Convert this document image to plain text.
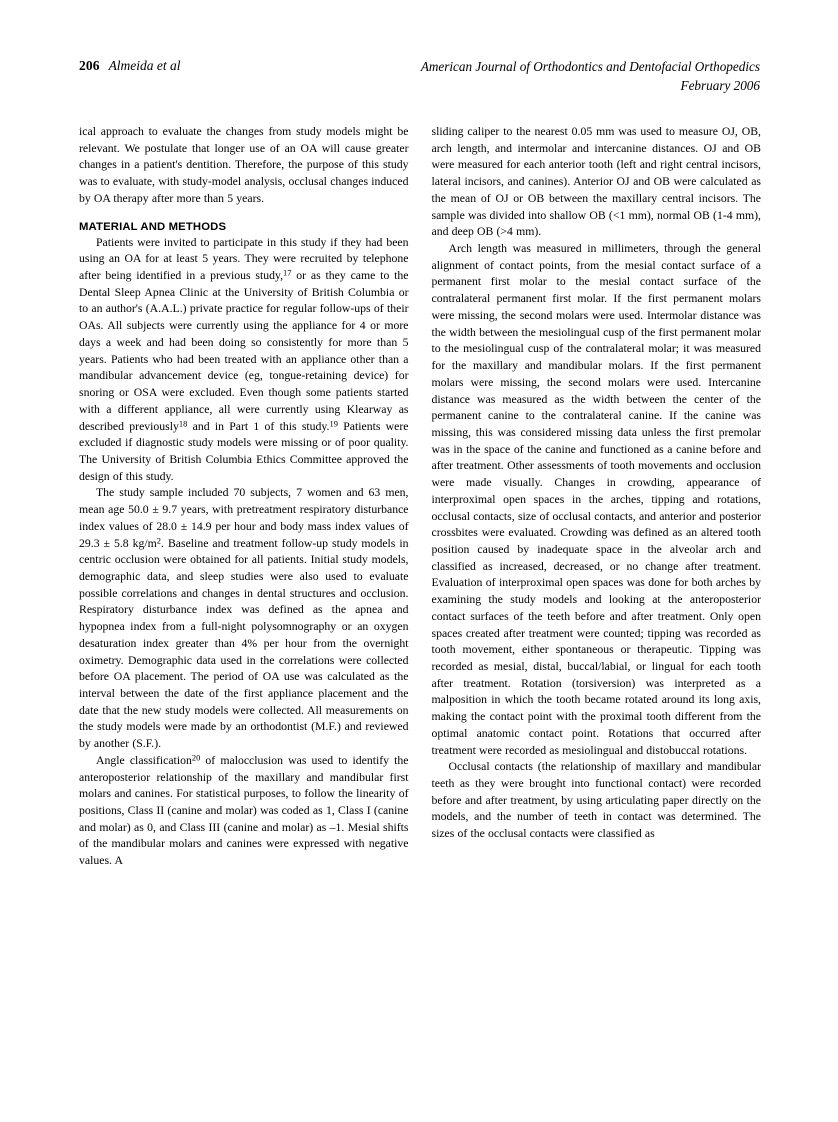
206 Almeida et al	American Journal of Orthodontics and Dentofacial Orthopedics
February 2006

ical approach to evaluate the changes from study models might be relevant. We postulate that longer use of an OA will cause greater changes in a patient's dentition. Therefore, the purpose of this study was to evaluate, with study-model analysis, occlusal changes induced by OA therapy after more than 5 years.

MATERIAL AND METHODS

Patients were invited to participate in this study if they had been using an OA for at least 5 years. They were recruited by telephone after being identified in a previous study,$^{17}$ or as they came to the Dental Sleep Apnea Clinic at the University of British Columbia or to an author's (A.A.L.) private practice for regular follow-ups of their OAs. All subjects were currently using the appliance for 4 or more days a week and had been doing so consistently for more than 5 years. Patients who had been treated with an appliance other than a mandibular advancement device (eg, tongue-retaining device) for snoring or OSA were excluded. Even though some patients started with a different appliance, all were currently using Klearway as described previously$^{18}$ and in Part 1 of this study.$^{19}$ Patients were excluded if diagnostic study models were missing or of poor quality. The University of British Columbia Ethics Committee approved the design of this study.

The study sample included 70 subjects, 7 women and 63 men, mean age 50.0 ± 9.7 years, with pretreatment respiratory disturbance index values of 28.0 ± 14.9 per hour and body mass index values of 29.3 ± 5.8 $kg/m^2$. Baseline and treatment follow-up study models in centric occlusion were obtained for all patients. Initial study models, demographic data, and sleep studies were also used to evaluate possible correlations and changes in dental structures and occlusion. Respiratory disturbance index was defined as the apnea and hypopnea index from a full-night polysomnography or an oxygen desaturation index greater than 4% per hour from the overnight oximetry. Demographic data used in the correlations were collected before OA placement. The period of OA use was calculated as the interval between the date of the first appliance placement and the date that the new study models were collected. All measurements on the study models were made by an orthodontist (M.F.) and reviewed by another (S.F.).

Angle classification$^{20}$ of malocclusion was used to identify the anteroposterior relationship of the maxillary and mandibular first molars and canines. For statistical purposes, to follow the linearity of positions, Class II (canine and molar) was coded as 1, Class I (canine and molar) as 0, and Class III (canine and molar) as –1. Mesial shifts of the mandibular molars and canines were expressed with negative values. A

sliding caliper to the nearest 0.05 mm was used to measure OJ, OB, arch length, and intermolar and intercanine distances. OJ and OB were measured for each anterior tooth (left and right central incisors, lateral incisors, and canines). Anterior OJ and OB were calculated as the mean of OJ or OB between the maxillary central incisors. The sample was divided into shallow OB (<1 mm), normal OB (1-4 mm), and deep OB (>4 mm).

Arch length was measured in millimeters, through the general alignment of contact points, from the mesial contact surface of a permanent first molar to the mesial contact surface of the contralateral permanent first molar. If the first permanent molars were missing, the second molars were used. Intermolar distance was the width between the mesiolingual cusp of the first permanent molar to the mesiolingual cusp of the contralateral molar; it was measured for the maxillary and mandibular molars. If the first permanent molars were missing, the second molars were used. Intercanine distance was measured as the width between the center of the permanent canine to the contralateral canine. If the canine was missing, this was considered missing data unless the first premolar was in the space of the canine and functioned as a canine before and after treatment. Other assessments of tooth movements and occlusion were made visually. Changes in crowding, appearance of interproximal open spaces in the arches, tipping and rotations, occlusal contacts, size of occlusal contacts, and anterior and posterior crossbites were evaluated. Crowding was defined as an altered tooth position caused by inadequate space in the alveolar arch and classified as increased, decreased, or no change after treatment. Evaluation of interproximal open spaces was done for both arches by examining the study models and looking at the anteroposterior contact surfaces of the teeth before and after treatment. Only open spaces created after treatment were counted; tipping was recorded as tooth movement, either spontaneous or therapeutic. Tipping was recorded as mesial, distal, buccal/labial, or lingual for each tooth after treatment. Rotation (torsiversion) was interpreted as a malposition in which the tooth became rotated around its long axis, making the contact point with the proximal tooth different from the optimal anatomic contact point. Rotations that occurred after treatment were recorded as mesiolingual and distobuccal rotations.

Occlusal contacts (the relationship of maxillary and mandibular teeth as they were brought into functional contact) were recorded before and after treatment, by using articulating paper directly on the models, and the number of teeth in contact was determined. The sizes of the occlusal contacts were classified as
